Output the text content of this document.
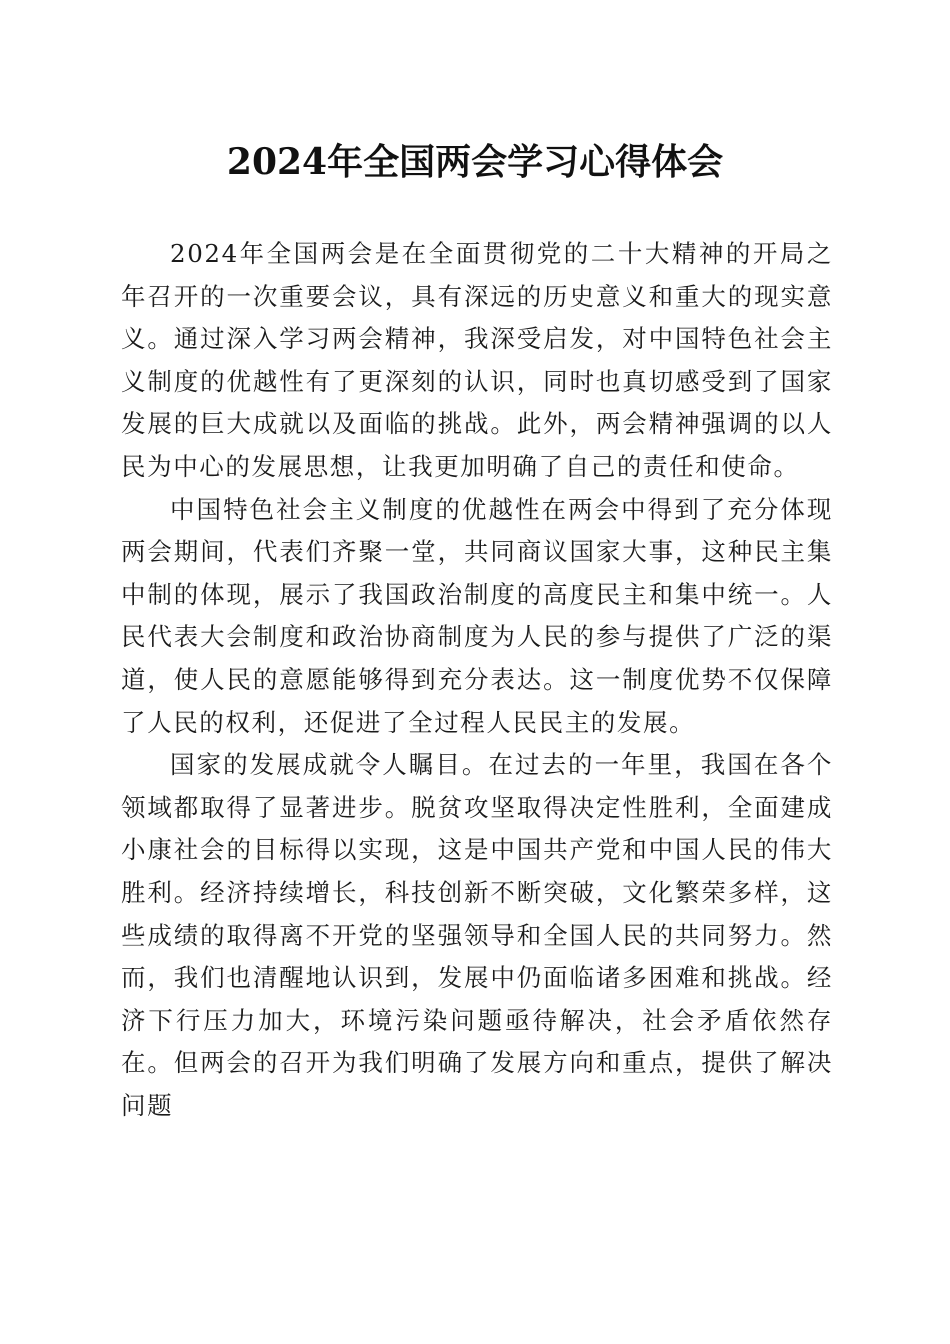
2024年全国两会学习心得体会

2024年全国两会是在全面贯彻党的二十大精神的开局之年召开的一次重要会议，具有深远的历史意义和重大的现实意义。通过深入学习两会精神，我深受启发，对中国特色社会主义制度的优越性有了更深刻的认识，同时也真切感受到了国家发展的巨大成就以及面临的挑战。此外，两会精神强调的以人民为中心的发展思想，让我更加明确了自己的责任和使命。

中国特色社会主义制度的优越性在两会中得到了充分体现两会期间，代表们齐聚一堂，共同商议国家大事，这种民主集中制的体现，展示了我国政治制度的高度民主和集中统一。人民代表大会制度和政治协商制度为人民的参与提供了广泛的渠道，使人民的意愿能够得到充分表达。这一制度优势不仅保障了人民的权利，还促进了全过程人民民主的发展。

国家的发展成就令人瞩目。在过去的一年里，我国在各个领域都取得了显著进步。脱贫攻坚取得决定性胜利，全面建成小康社会的目标得以实现，这是中国共产党和中国人民的伟大胜利。经济持续增长，科技创新不断突破，文化繁荣多样，这些成绩的取得离不开党的坚强领导和全国人民的共同努力。然而，我们也清醒地认识到，发展中仍面临诸多困难和挑战。经济下行压力加大，环境污染问题亟待解决，社会矛盾依然存在。但两会的召开为我们明确了发展方向和重点，提供了解决问题
